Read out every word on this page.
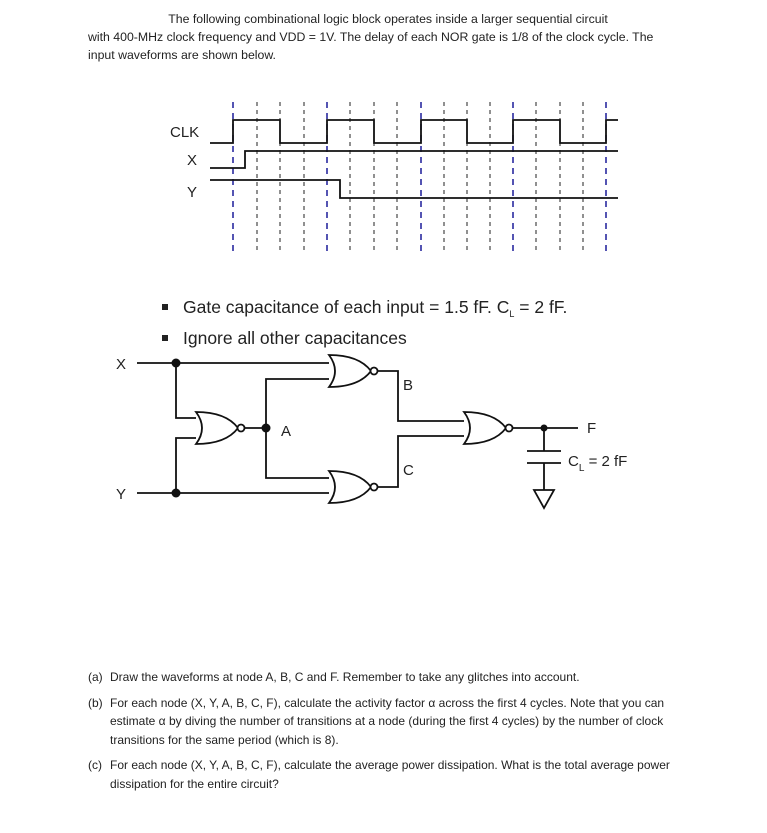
The following combinational logic block operates inside a larger sequential circuit

with 400-MHz clock frequency and VDD = 1V. The delay of each NOR gate is 1/8 of the clock cycle. The

input waveforms are shown below.

CLK
X
Y
X
Y
A
B
C
F
$C_L = 2$ fF
Gate capacitance of each input = 1.5 fF. $C_L = 2$ fF.
Ignore all other capacitances
(a) Draw the waveforms at node A, B, C and F. Remember to take any glitches into account.
(b) For each node (X, Y, A, B, C, F), calculate the activity factor α across the first 4 cycles. Note that you can estimate α by diving the number of transitions at a node (during the first 4 cycles) by the number of clock transitions for the same period (which is 8).
(c) For each node (X, Y, A, B, C, F), calculate the average power dissipation. What is the total average power dissipation for the entire circuit?
